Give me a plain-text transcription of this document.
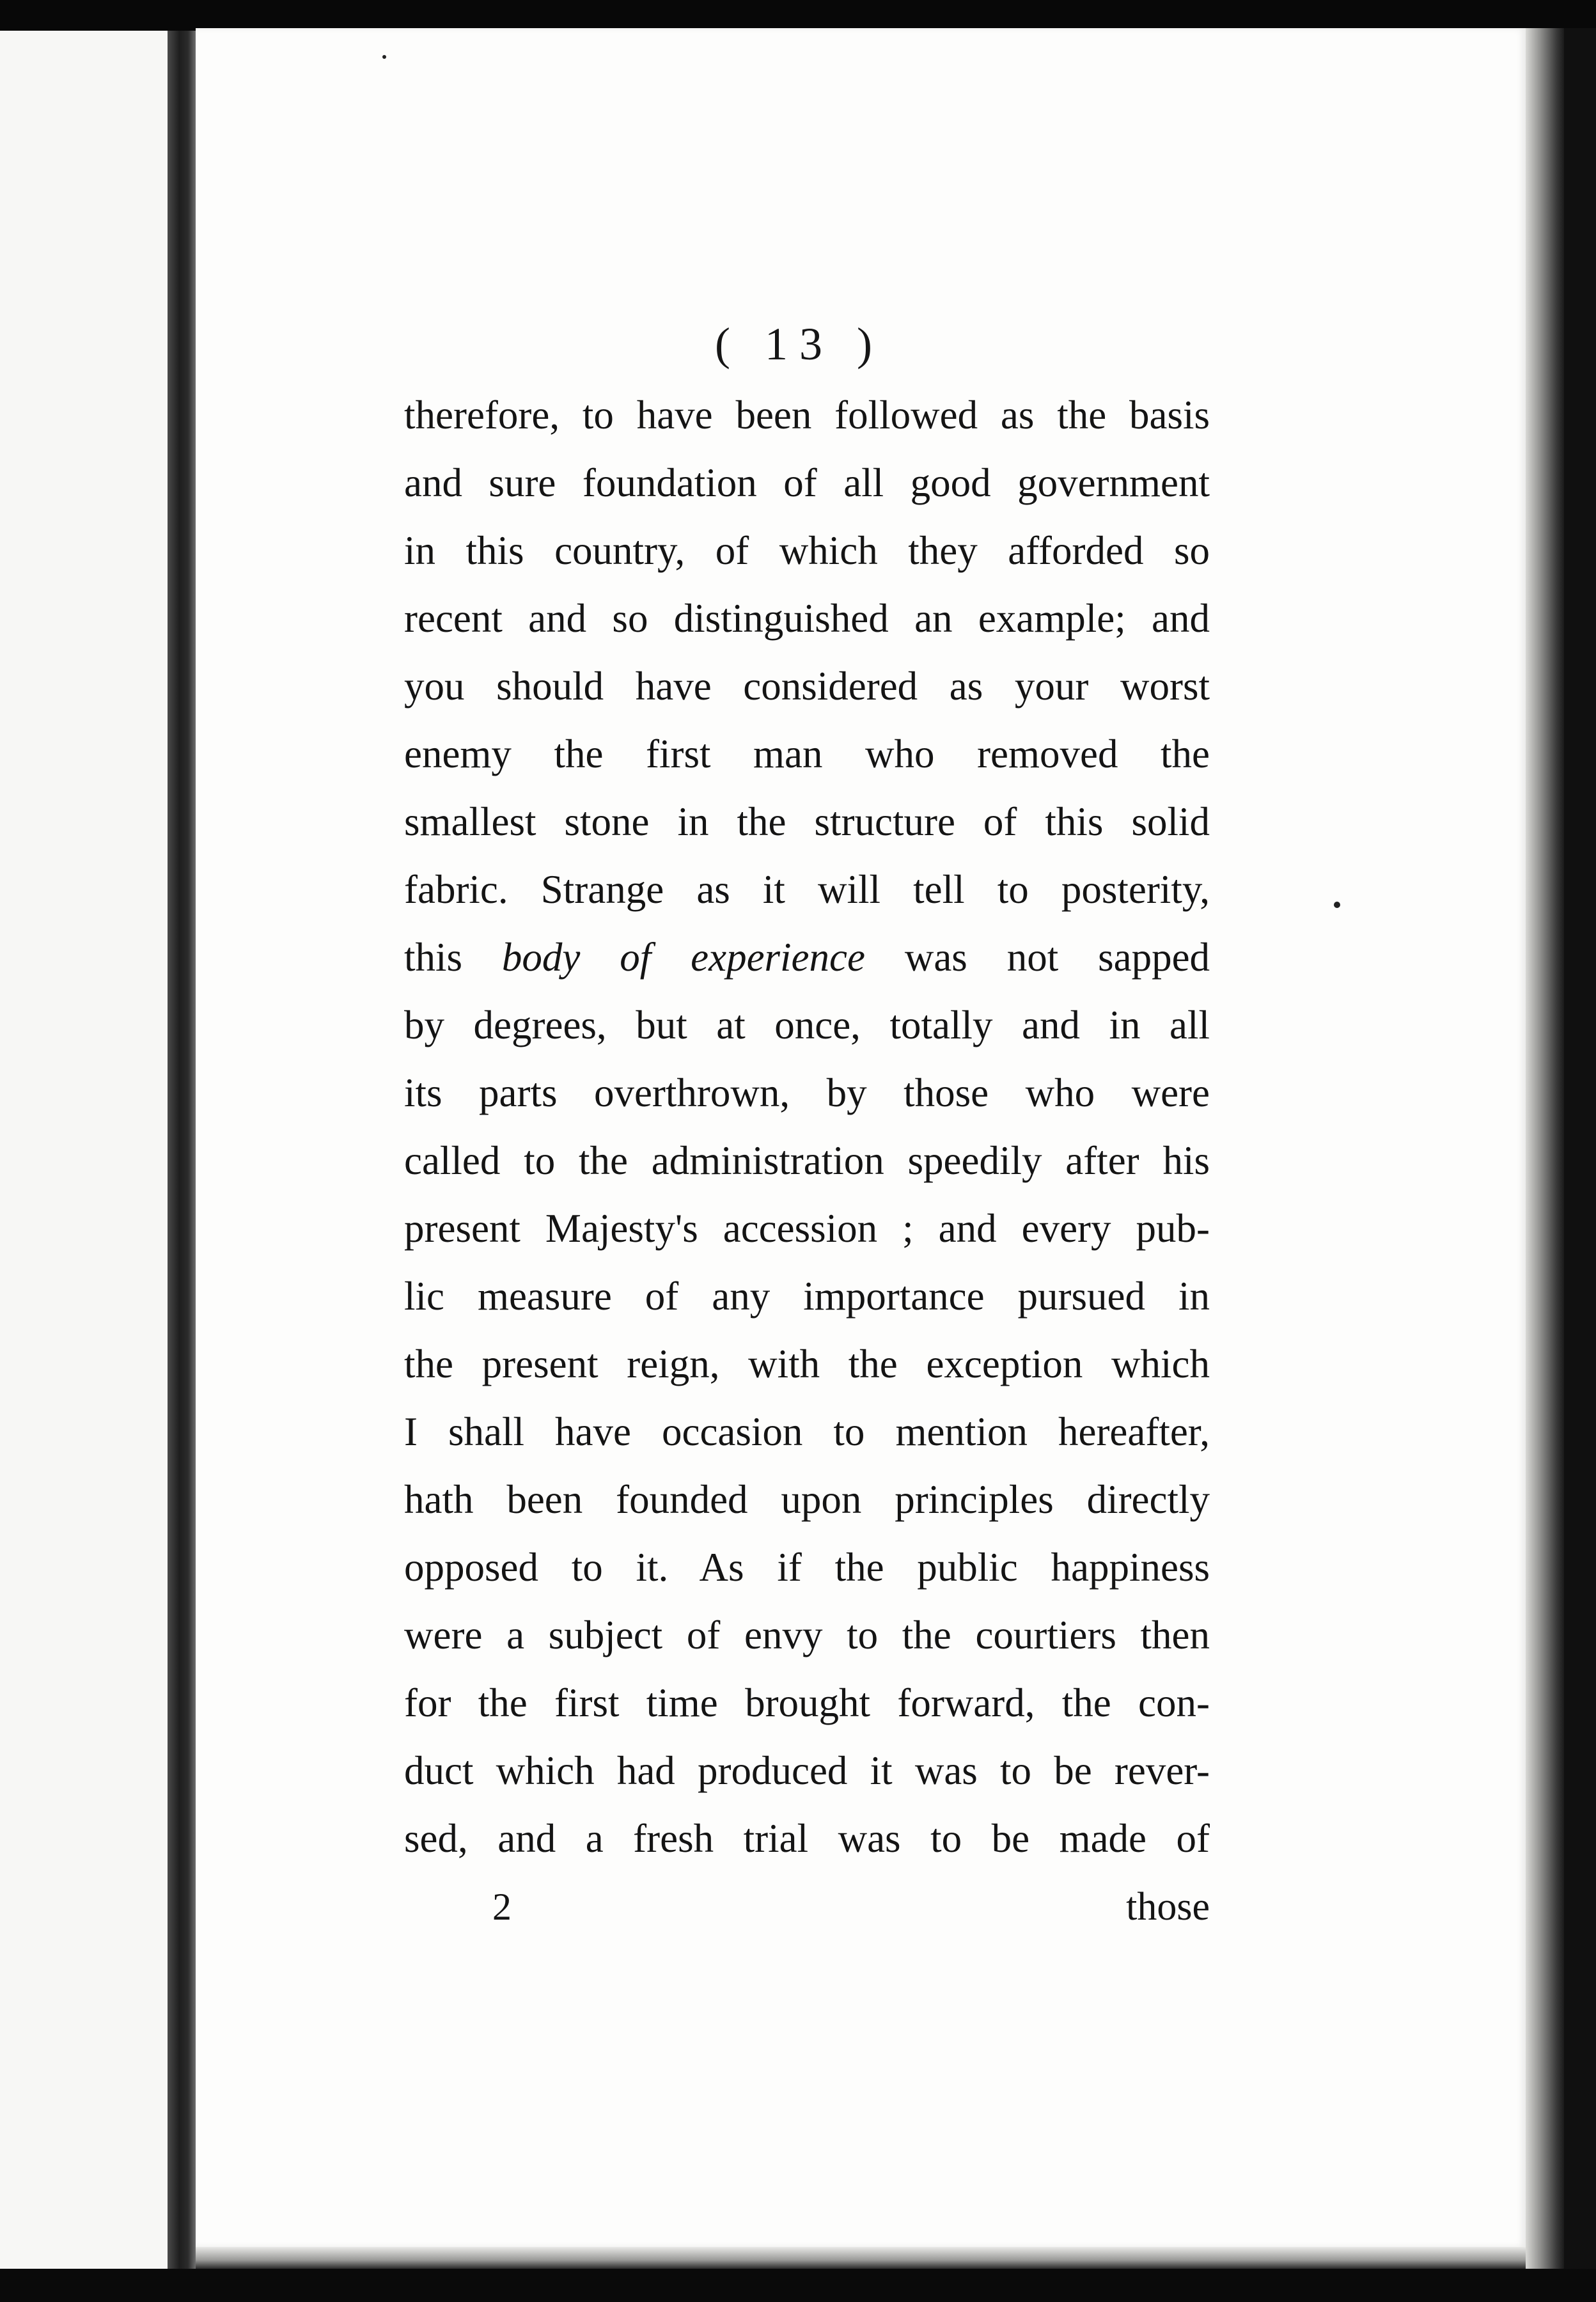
( 13 )
therefore, to have been followed as the basis
and sure foundation of all good government
in this country, of which they afforded so
recent and so distinguished an example; and
you should have considered as your worst
enemy the first man who removed the
smallest stone in the structure of this solid
fabric. Strange as it will tell to posterity,
this body of experience was not sapped
by degrees, but at once, totally and in all
its parts overthrown, by those who were
called to the administration speedily after his
present Majesty's accession ; and every pub-
lic measure of any importance pursued in
the present reign, with the exception which
I shall have occasion to mention hereafter,
hath been founded upon principles directly
opposed to it. As if the public happiness
were a subject of envy to the courtiers then
for the first time brought forward, the con-
duct which had produced it was to be rever-
sed, and a fresh trial was to be made of
2	those
